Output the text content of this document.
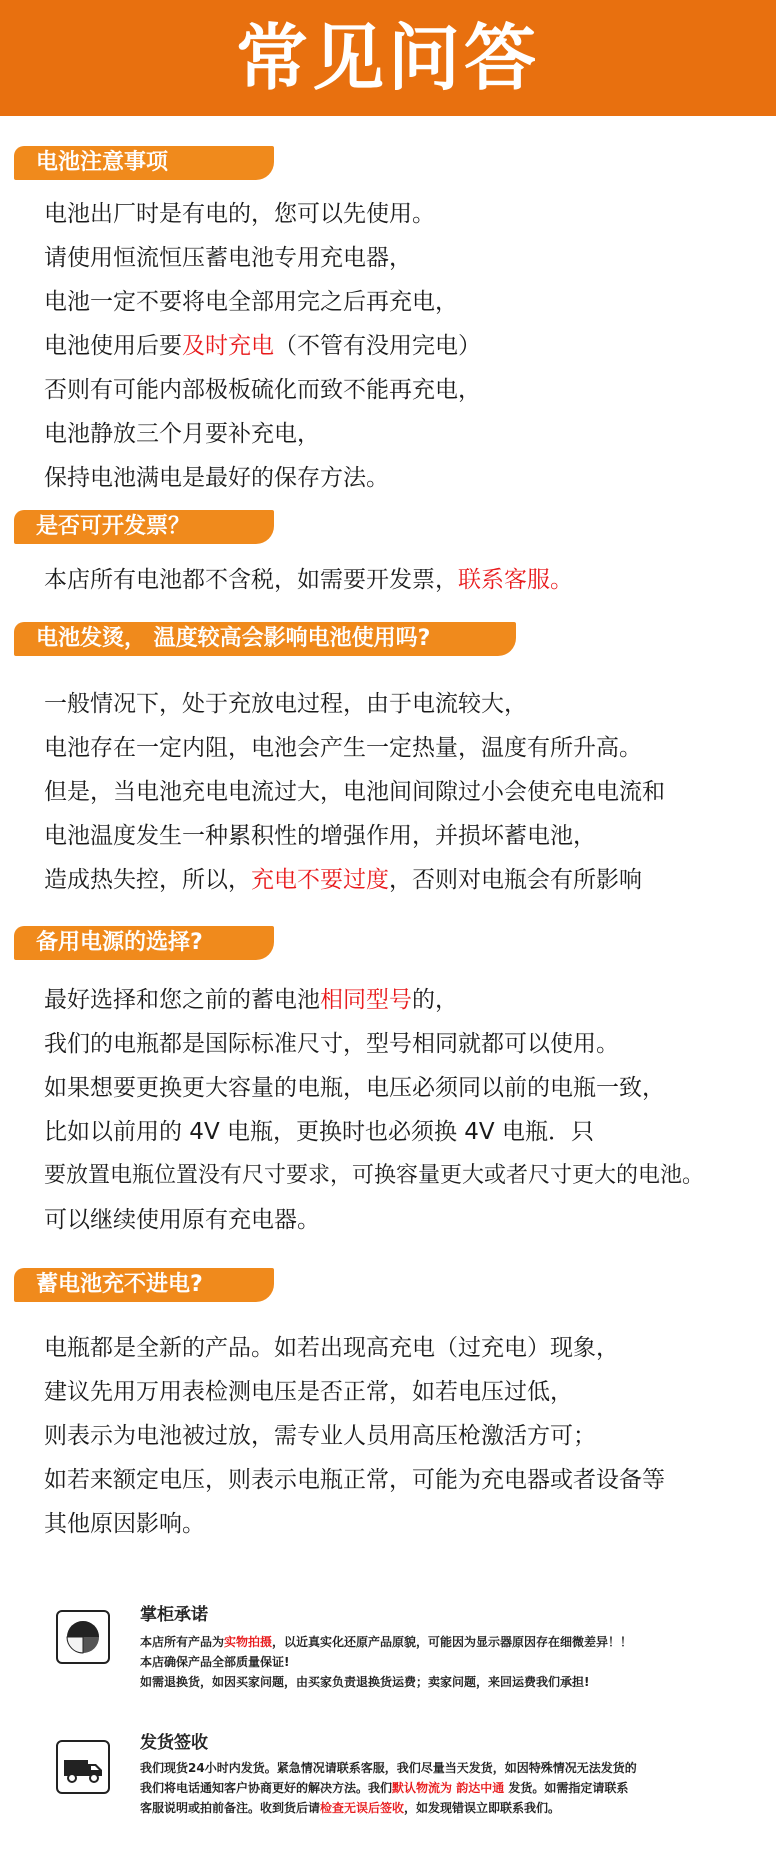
常见问答
电池注意事项
电池出厂时是有电的，您可以先使用。
请使用恒流恒压蓄电池专用充电器，
电池一定不要将电全部用完之后再充电，
电池使用后要及时充电（不管有没用完电）
否则有可能内部极板硫化而致不能再充电，
电池静放三个月要补充电，
保持电池满电是最好的保存方法。
是否可开发票？
本店所有电池都不含税，如需要开发票，联系客服。
电池发烫， 温度较高会影响电池使用吗?
一般情况下，处于充放电过程，由于电流较大，
电池存在一定内阻，电池会产生一定热量，温度有所升高。
但是，当电池充电电流过大，电池间间隙过小会使充电电流和
电池温度发生一种累积性的增强作用，并损坏蓄电池，
造成热失控，所以，充电不要过度，否则对电瓶会有所影响
备用电源的选择?
最好选择和您之前的蓄电池相同型号的，
我们的电瓶都是国际标准尺寸，型号相同就都可以使用。
如果想要更换更大容量的电瓶，电压必须同以前的电瓶一致，
比如以前用的 4V 电瓶，更换时也必须换 4V 电瓶．只
要放置电瓶位置没有尺寸要求，可换容量更大或者尺寸更大的电池。
可以继续使用原有充电器。
蓄电池充不进电?
电瓶都是全新的产品。如若出现高充电（过充电）现象，
建议先用万用表检测电压是否正常，如若电压过低，
则表示为电池被过放，需专业人员用高压枪激活方可；
如若来额定电压，则表示电瓶正常，可能为充电器或者设备等
其他原因影响。
掌柜承诺
本店所有产品为实物拍摄，以近真实化还原产品原貌，可能因为显示器原因存在细微差异！！
本店确保产品全部质量保证!
如需退换货，如因买家问题，由买家负责退换货运费；卖家问题，来回运费我们承担!
发货签收
我们现货24小时内发货。紧急情况请联系客服，我们尽量当天发货，如因特殊情况无法发货的
我们将电话通知客户协商更好的解决方法。我们默认物流为 韵达中通 发货。如需指定请联系
客服说明或拍前备注。收到货后请检查无误后签收，如发现错误立即联系我们。
